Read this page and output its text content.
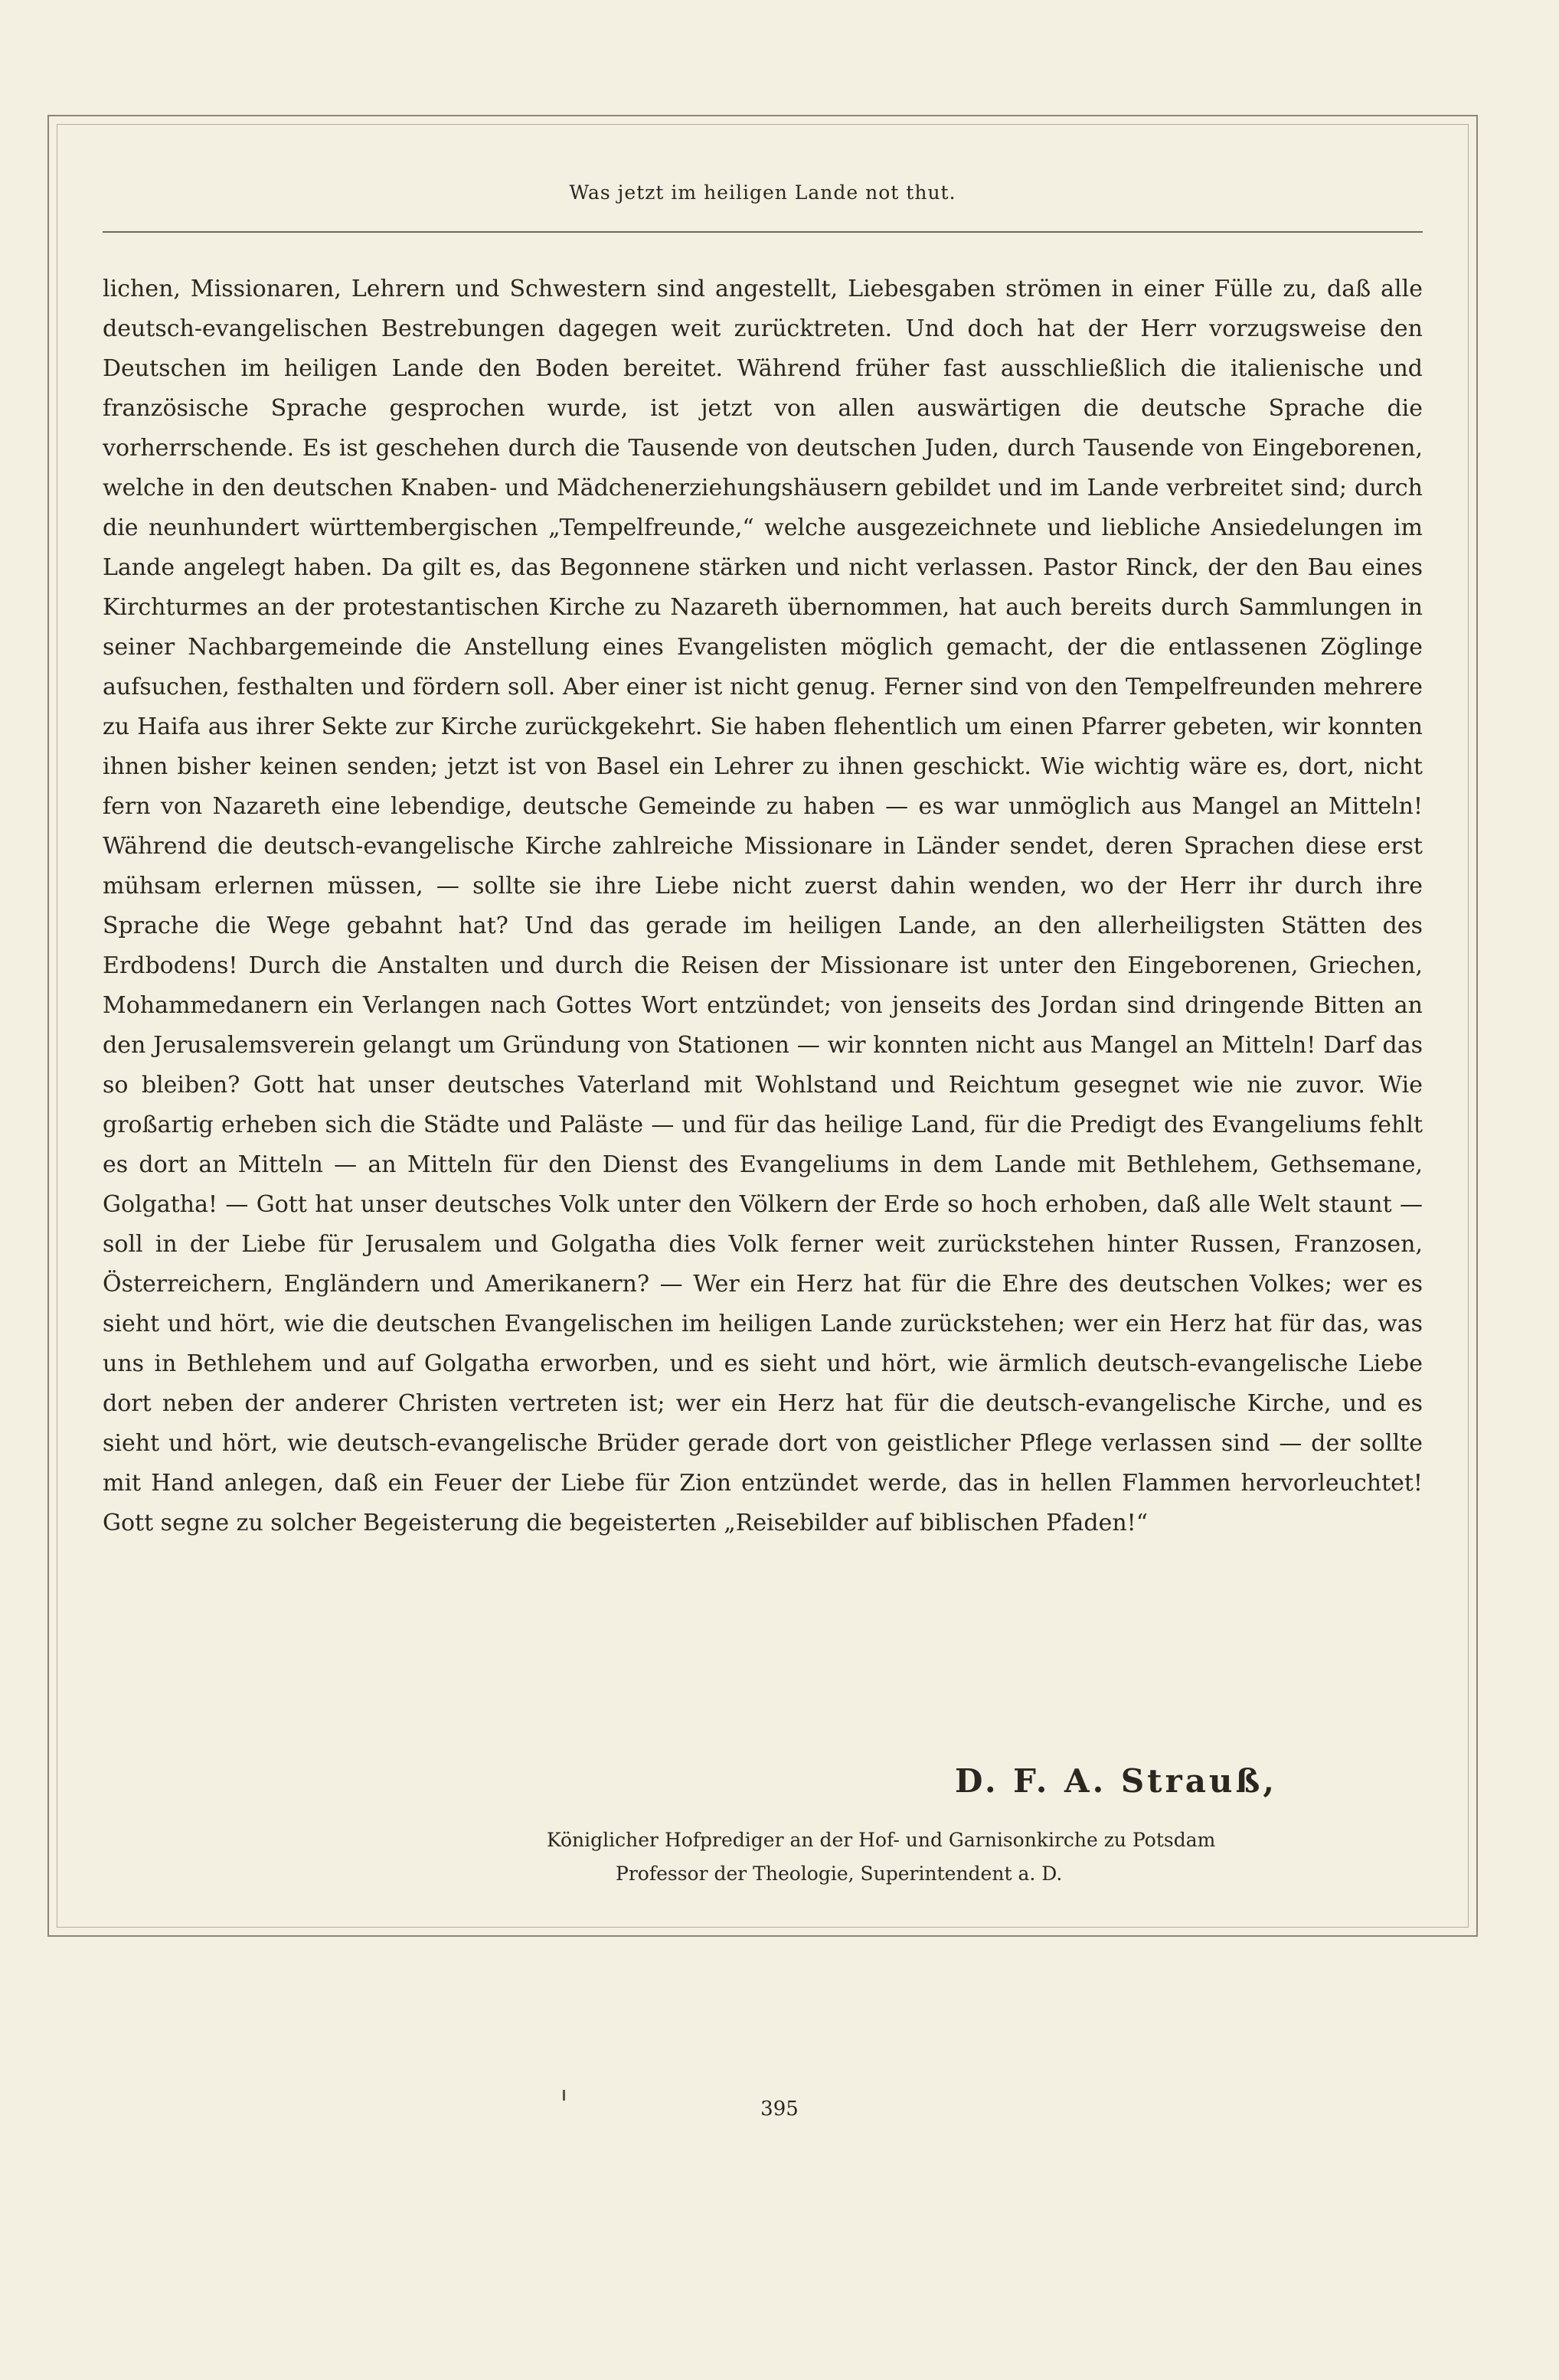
Was jetzt im heiligen Lande not thut.
lichen, Missionaren, Lehrern und Schwestern sind angestellt, Liebesgaben strömen in einer Fülle zu, daß alle deutsch-evangelischen Bestrebungen dagegen weit zurücktreten. Und doch hat der Herr vorzugsweise den Deutschen im heiligen Lande den Boden bereitet. Während früher fast ausschließlich die italienische und französische Sprache gesprochen wurde, ist jetzt von allen auswärtigen die deutsche Sprache die vorherrschende. Es ist geschehen durch die Tausende von deutschen Juden, durch Tausende von Eingeborenen, welche in den deutschen Knaben- und Mädchenerziehungshäusern gebildet und im Lande verbreitet sind; durch die neunhundert württembergischen „Tempelfreunde,“ welche ausgezeichnete und liebliche Ansiedelungen im Lande angelegt haben. Da gilt es, das Begonnene stärken und nicht verlassen. Pastor Rinck, der den Bau eines Kirchturmes an der protestantischen Kirche zu Nazareth übernommen, hat auch bereits durch Sammlungen in seiner Nachbargemeinde die Anstellung eines Evangelisten möglich gemacht, der die entlassenen Zöglinge aufsuchen, festhalten und fördern soll. Aber einer ist nicht genug. Ferner sind von den Tempelfreunden mehrere zu Haifa aus ihrer Sekte zur Kirche zurückgekehrt. Sie haben flehentlich um einen Pfarrer gebeten, wir konnten ihnen bisher keinen senden; jetzt ist von Basel ein Lehrer zu ihnen geschickt. Wie wichtig wäre es, dort, nicht fern von Nazareth eine lebendige, deutsche Gemeinde zu haben — es war unmöglich aus Mangel an Mitteln! Während die deutsch-evangelische Kirche zahlreiche Missionare in Länder sendet, deren Sprachen diese erst mühsam erlernen müssen, — sollte sie ihre Liebe nicht zuerst dahin wenden, wo der Herr ihr durch ihre Sprache die Wege gebahnt hat? Und das gerade im heiligen Lande, an den allerheiligsten Stätten des Erdbodens! Durch die Anstalten und durch die Reisen der Missionare ist unter den Eingeborenen, Griechen, Mohammedanern ein Verlangen nach Gottes Wort entzündet; von jenseits des Jordan sind dringende Bitten an den Jerusalemsverein gelangt um Gründung von Stationen — wir konnten nicht aus Mangel an Mitteln! Darf das so bleiben? Gott hat unser deutsches Vaterland mit Wohlstand und Reichtum gesegnet wie nie zuvor. Wie großartig erheben sich die Städte und Paläste — und für das heilige Land, für die Predigt des Evangeliums fehlt es dort an Mitteln — an Mitteln für den Dienst des Evangeliums in dem Lande mit Bethlehem, Gethsemane, Golgatha! — Gott hat unser deutsches Volk unter den Völkern der Erde so hoch erhoben, daß alle Welt staunt — soll in der Liebe für Jerusalem und Golgatha dies Volk ferner weit zurückstehen hinter Russen, Franzosen, Österreichern, Engländern und Amerikanern? — Wer ein Herz hat für die Ehre des deutschen Volkes; wer es sieht und hört, wie die deutschen Evangelischen im heiligen Lande zurückstehen; wer ein Herz hat für das, was uns in Bethlehem und auf Golgatha erworben, und es sieht und hört, wie ärmlich deutsch-evangelische Liebe dort neben der anderer Christen vertreten ist; wer ein Herz hat für die deutsch-evangelische Kirche, und es sieht und hört, wie deutsch-evangelische Brüder gerade dort von geistlicher Pflege verlassen sind — der sollte mit Hand anlegen, daß ein Feuer der Liebe für Zion entzündet werde, das in hellen Flammen hervorleuchtet! Gott segne zu solcher Begeisterung die begeisterten „Reisebilder auf biblischen Pfaden!“
D. F. A. Strauß,
Königlicher Hofprediger an der Hof- und Garnisonkirche zu Potsdam
Professor der Theologie, Superintendent a. D.
395
